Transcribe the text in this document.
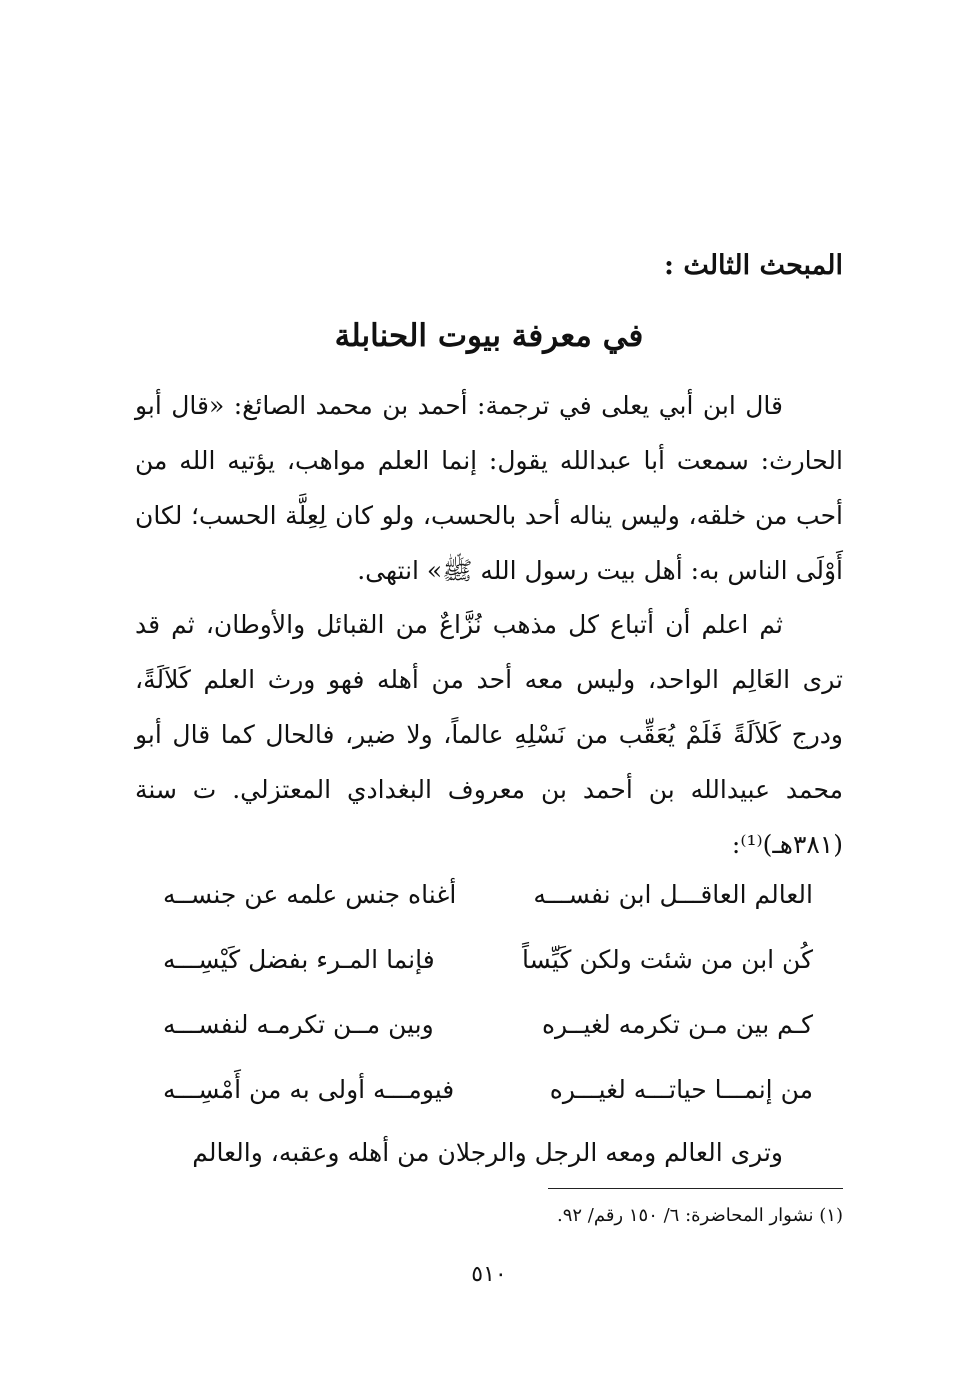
المبحث الثالث :
في معرفة بيوت الحنابلة

قال ابن أبي يعلى في ترجمة: أحمد بن محمد الصائغ: «قال أبو الحارث: سمعت أبا عبدالله يقول: إنما العلم مواهب، يؤتيه الله من أحب من خلقه، وليس يناله أحد بالحسب، ولو كان لِعِلَّة الحسب؛ لكان أَوْلَى الناس به: أهل بيت رسول الله ﷺ» انتهى.

ثم اعلم أن أتباع كل مذهب نُزَّاعٌ من القبائل والأوطان، ثم قد ترى العَالِم الواحد، وليس معه أحد من أهله فهو ورث العلم كَلاَلَةً، ودرج كَلاَلَةً فَلَمْ يُعَقِّب من نَسْلِهِ عالماً، ولا ضير، فالحال كما قال أبو محمد عبيدالله بن أحمد بن معروف البغدادي المعتزلي. ت سنة (٣٨١هـ)⁽¹⁾:

العالم العاقـــل ابن نفســـه
أغناه جنس علمه عن جنســه
كُن ابن من شئت ولكن كَيِّساً
فإنما المـرء بفضل كَيْسِـــه
كـم بين مـن تكرمه لغيــره
وبين مــن تكرمـه لنفســـه
من إنمـــا حياتـــه لغيـــره
فيومـــه أولى به من أَمْسِـــه
وترى العالم ومعه الرجل والرجلان من أهله وعقبه، والعالم
(١) نشوار المحاضرة: ٦/ ١٥٠ رقم/ ٩٢.
٥١٠
